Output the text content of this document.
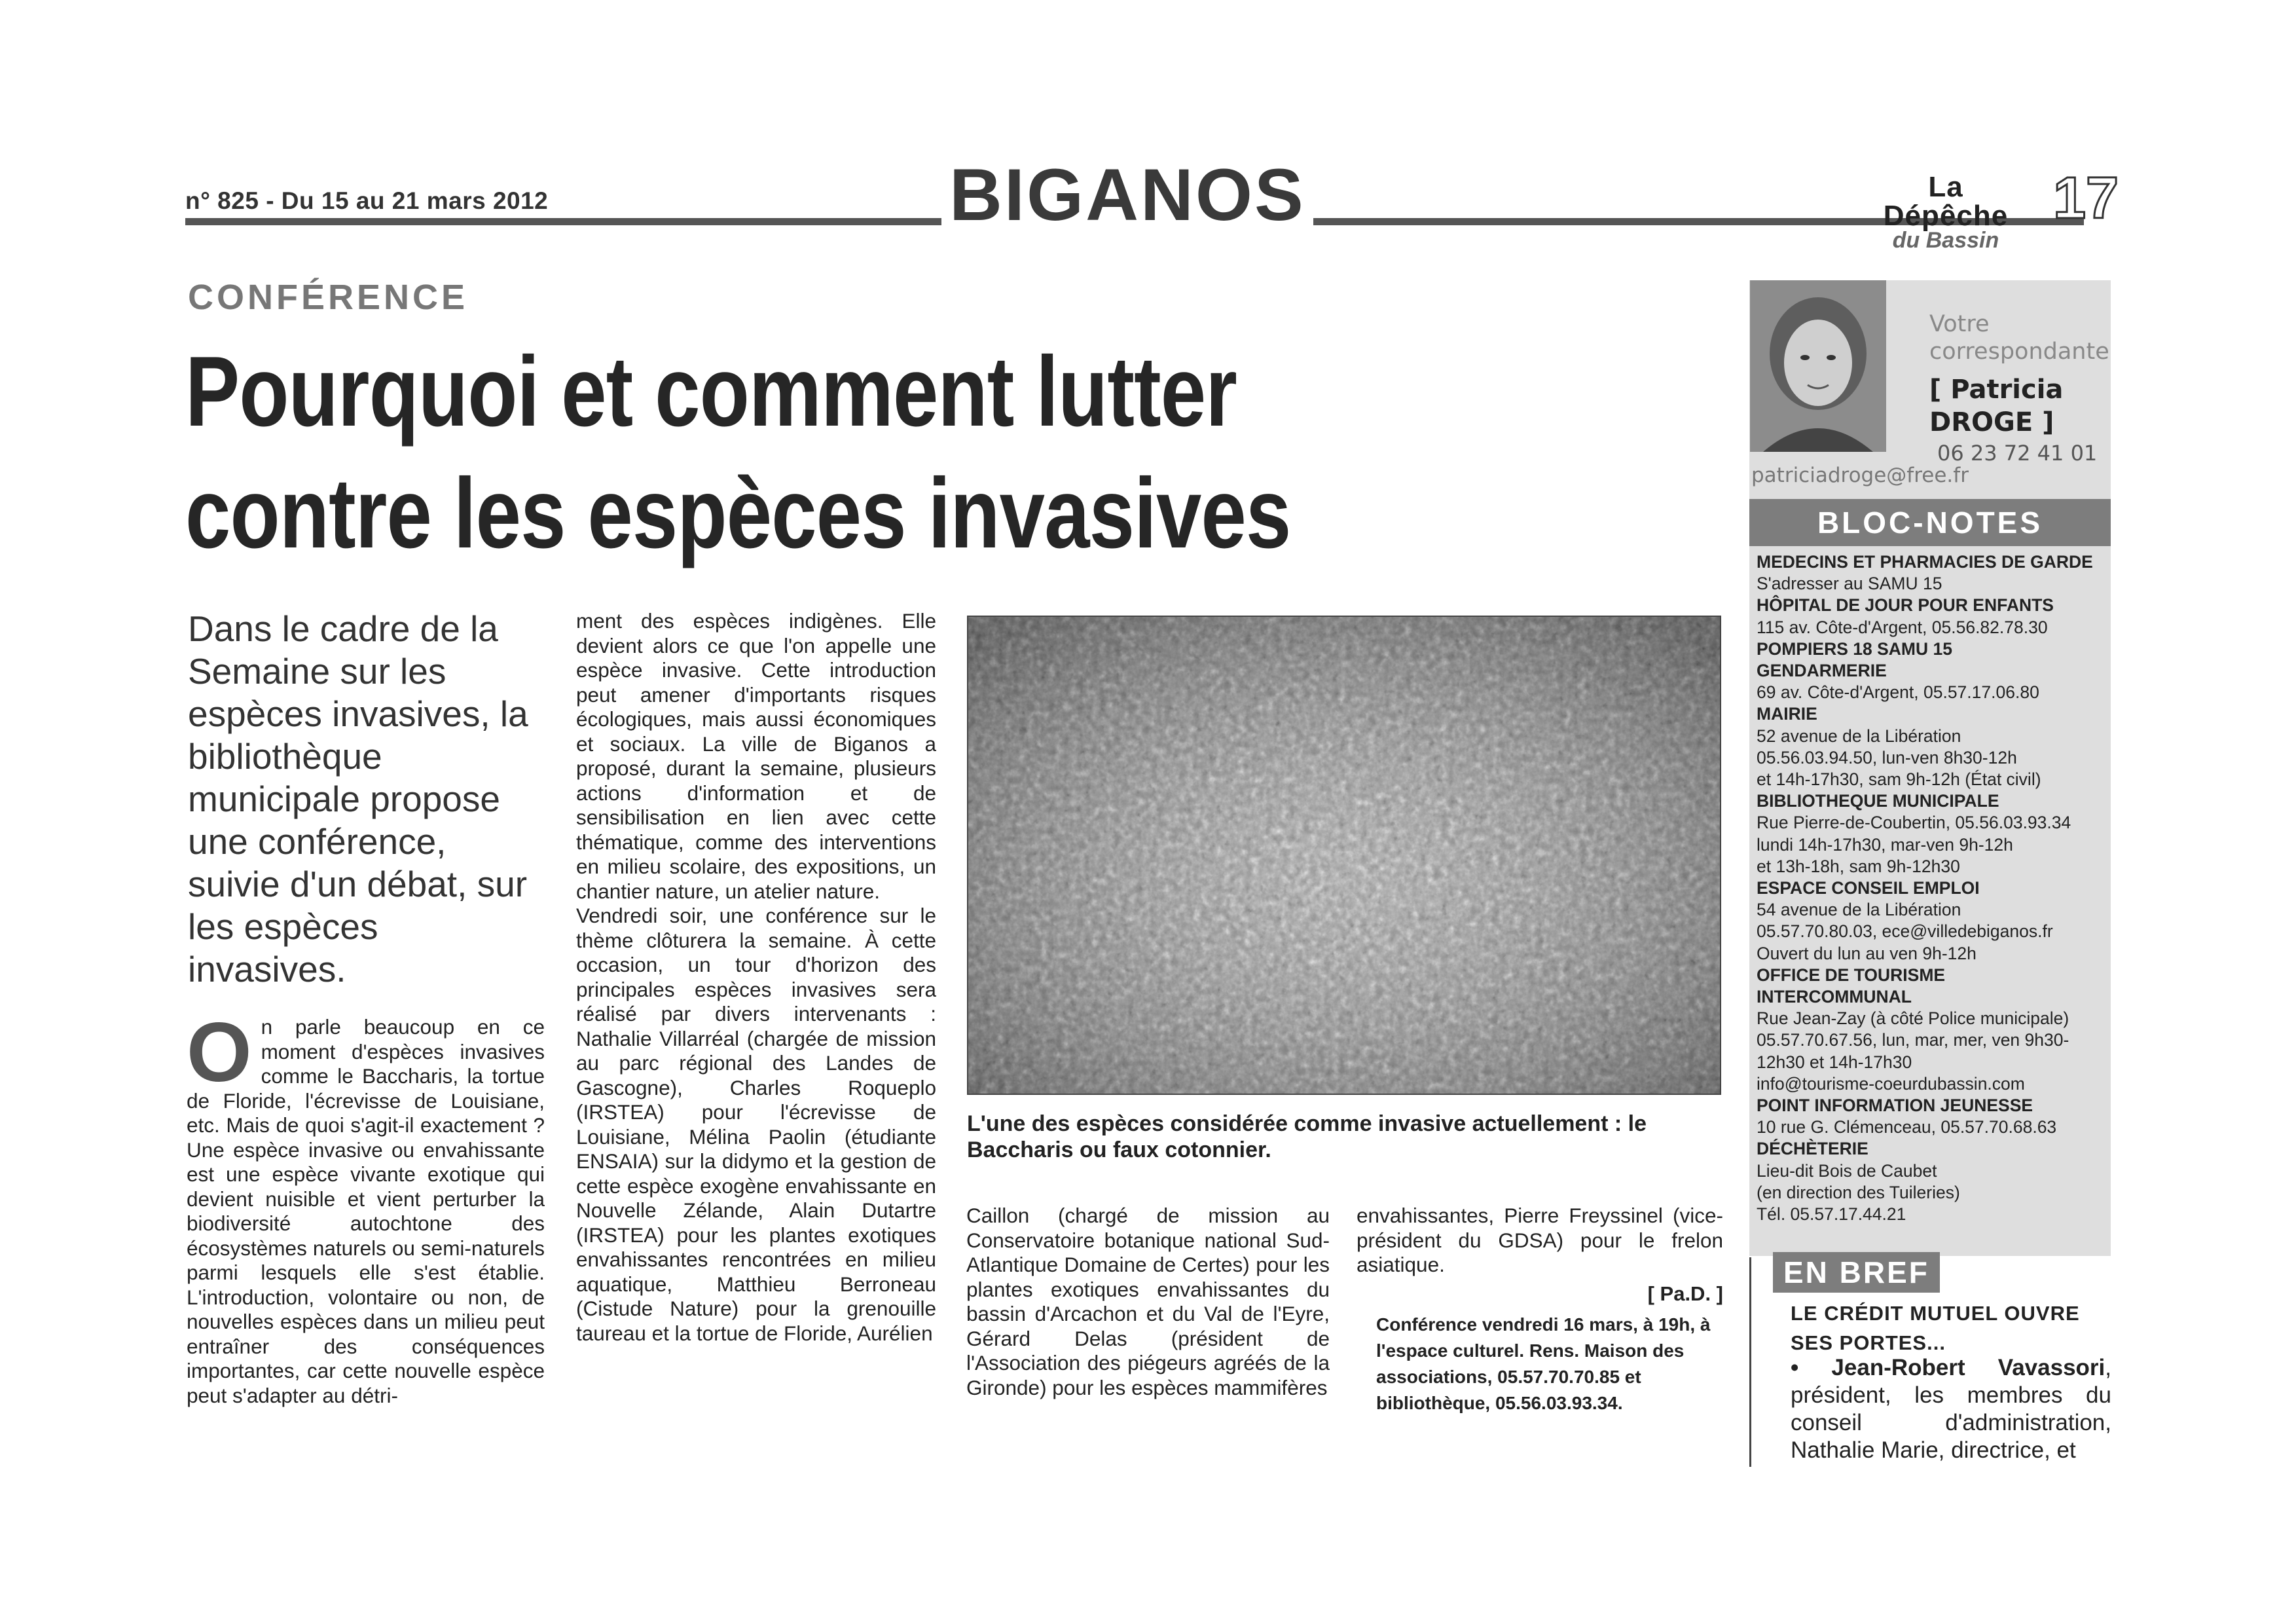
n° 825 - Du 15 au 21 mars 2012	BIGANOS	La Dépêche
du Bassin
17
CONFÉRENCE
Pourquoi et comment lutter contre les espèces invasives

Dans le cadre de la Semaine sur les espèces invasives, la bibliothèque municipale propose une conférence, suivie d'un débat, sur les espèces invasives.

O n parle beaucoup en ce moment d'espèces invasives comme le Baccharis, la tortue de Floride, l'écrevisse de Louisiane, etc. Mais de quoi s'agit-il exactement ? Une espèce invasive ou envahissante est une espèce vivante exotique qui devient nuisible et vient perturber la biodiversité autochtone des écosystèmes naturels ou semi-naturels parmi lesquels elle s'est établie. L'introduction, volontaire ou non, de nouvelles espèces dans un milieu peut entraîner des conséquences importantes, car cette nouvelle espèce peut s'adapter au détri-

ment des espèces indigènes. Elle devient alors ce que l'on appelle une espèce invasive. Cette introduction peut amener d'importants risques écologiques, mais aussi économiques et sociaux. La ville de Biganos a proposé, durant la semaine, plusieurs actions d'information et de sensibilisation en lien avec cette thématique, comme des interventions en milieu scolaire, des expositions, un chantier nature, un atelier nature.

Vendredi soir, une conférence sur le thème clôturera la semaine. À cette occasion, un tour d'horizon des principales espèces invasives sera réalisé par divers intervenants : Nathalie Villarréal (chargée de mission au parc régional des Landes de Gascogne), Charles Roqueplo (IRSTEA) pour l'écrevisse de Louisiane, Mélina Paolin (étudiante ENSAIA) sur la didymo et la gestion de cette espèce exogène envahissante en Nouvelle Zélande, Alain Dutartre (IRSTEA) pour les plantes exotiques envahissantes rencontrées en milieu aquatique, Matthieu Berroneau (Cistude Nature) pour la grenouille taureau et la tortue de Floride, Aurélien

L'une des espèces considérée comme invasive actuellement : le Baccharis ou faux cotonnier.

Caillon (chargé de mission au Conservatoire botanique national Sud-Atlantique Domaine de Certes) pour les plantes exotiques envahissantes du bassin d'Arcachon et du Val de l'Eyre, Gérard Delas (président de l'Association des piégeurs agréés de la Gironde) pour les espèces mammifères

envahissantes, Pierre Freyssinel (vice-président du GDSA) pour le frelon asiatique.

[ Pa.D. ]

Conférence vendredi 16 mars, à 19h, à l'espace culturel. Rens. Maison des associations, 05.57.70.70.85 et bibliothèque, 05.56.03.93.34.
Votre
correspondante
[ Patricia
DROGE ]
06 23 72 41 01
patriciadroge@free.fr
BLOC-NOTES
MEDECINS ET PHARMACIES DE GARDE
S'adresser au SAMU 15
HÔPITAL DE JOUR POUR ENFANTS
115 av. Côte-d'Argent, 05.56.82.78.30
POMPIERS 18 SAMU 15
GENDARMERIE
69 av. Côte-d'Argent, 05.57.17.06.80
MAIRIE
52 avenue de la Libération
05.56.03.94.50, lun-ven 8h30-12h
et 14h-17h30, sam 9h-12h (État civil)
BIBLIOTHEQUE MUNICIPALE
Rue Pierre-de-Coubertin, 05.56.03.93.34
lundi 14h-17h30, mar-ven 9h-12h
et 13h-18h, sam 9h-12h30
ESPACE CONSEIL EMPLOI
54 avenue de la Libération
05.57.70.80.03, ece@villedebiganos.fr
Ouvert du lun au ven 9h-12h
OFFICE DE TOURISME
INTERCOMMUNAL
Rue Jean-Zay (à côté Police municipale)
05.57.70.67.56, lun, mar, mer, ven 9h30-
12h30 et 14h-17h30
info@tourisme-coeurdubassin.com
POINT INFORMATION JEUNESSE
10 rue G. Clémenceau, 05.57.70.68.63
DÉCHÈTERIE
Lieu-dit Bois de Caubet
(en direction des Tuileries)
Tél. 05.57.17.44.21
EN BREF
LE CRÉDIT MUTUEL OUVRE SES PORTES...
• Jean-Robert Vavassori, président, les membres du conseil d'administration, Nathalie Marie, directrice, et
